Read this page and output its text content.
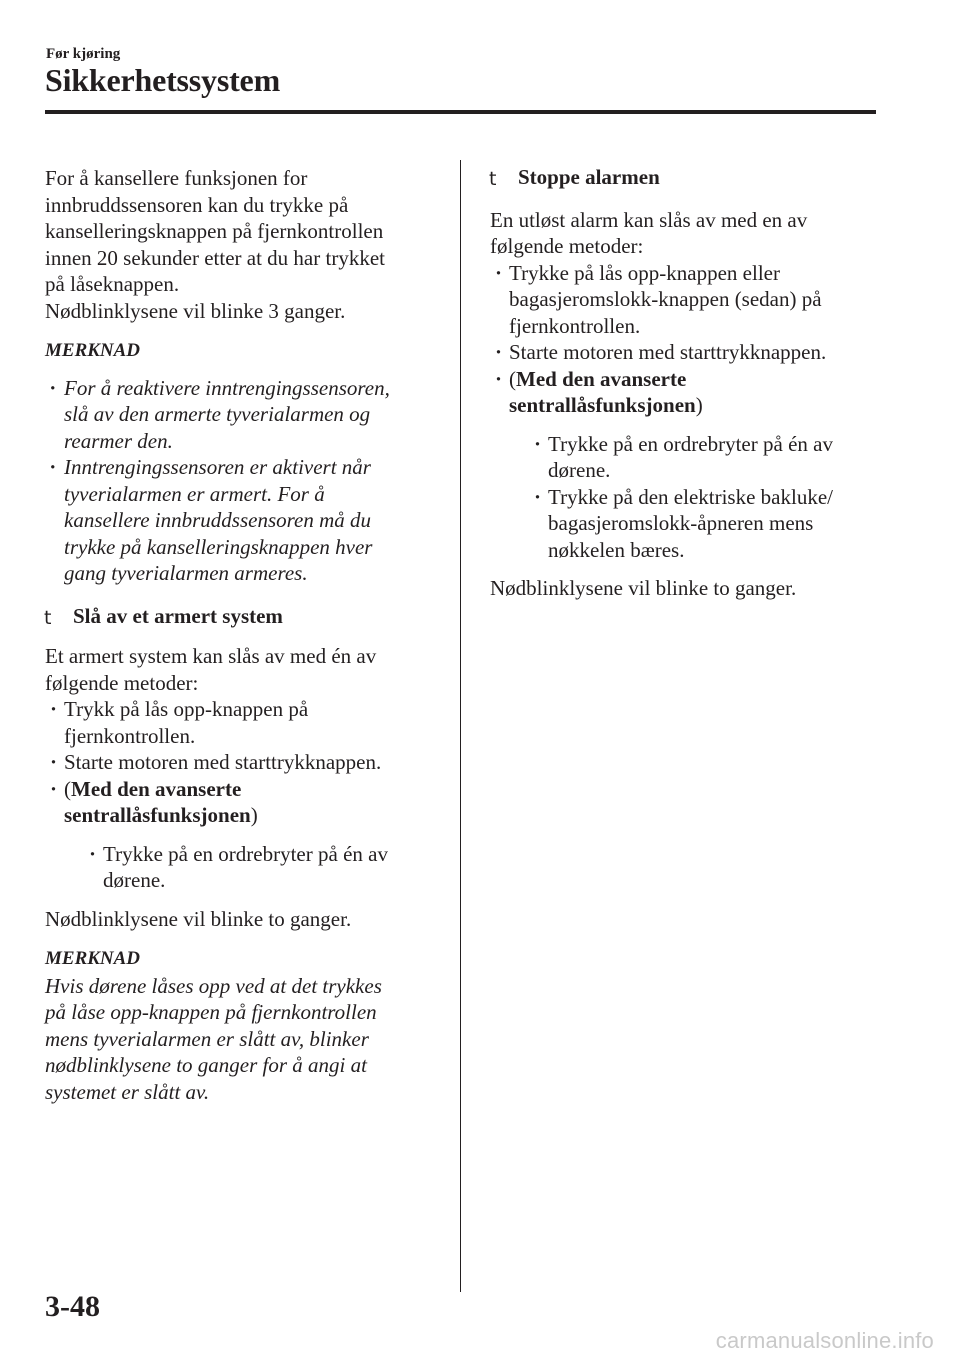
Før kjøring
Sikkerhetssystem

For å kansellere funksjonen for
innbruddssensoren kan du trykke på
kanselleringsknappen på fjernkontrollen
innen 20 sekunder etter at du har trykket
på låseknappen.
Nødblinklysene vil blinke 3 ganger.

MERKNAD
· For å reaktivere inntrengingssensoren,
slå av den armerte tyverialarmen og
rearmer den.
· Inntrengingssensoren er aktivert når
tyverialarmen er armert. For å
kansellere innbruddssensoren må du
trykke på kanselleringsknappen hver
gang tyverialarmen armeres.
t Slå av et armert system

Et armert system kan slås av med én av
følgende metoder:

· Trykk på lås opp-knappen på
fjernkontrollen.
· Starte motoren med starttrykknappen.
· (Med den avanserte
sentrallåsfunksjonen)
· Trykke på en ordrebryter på én av
dørene.

Nødblinklysene vil blinke to ganger.

MERKNAD

Hvis dørene låses opp ved at det trykkes
på låse opp-knappen på fjernkontrollen
mens tyverialarmen er slått av, blinker
nødblinklysene to ganger for å angi at
systemet er slått av.

t Stoppe alarmen

En utløst alarm kan slås av med en av
følgende metoder:

· Trykke på lås opp-knappen eller
bagasjeromslokk-knappen (sedan) på
fjernkontrollen.
· Starte motoren med starttrykknappen.
· (Med den avanserte
sentrallåsfunksjonen)
· Trykke på en ordrebryter på én av
dørene.
· Trykke på den elektriske bakluke/
bagasjeromslokk-åpneren mens
nøkkelen bæres.

Nødblinklysene vil blinke to ganger.

3-48
carmanualsonline.info
